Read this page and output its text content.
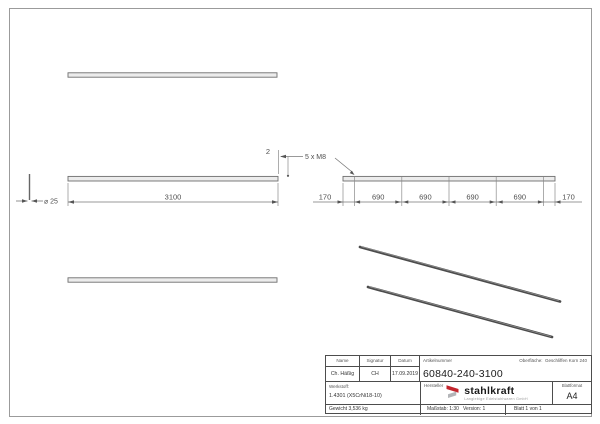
3100
⌀ 25
2
5 x M8
170	690	690	690	690	170
Name
Ch. Häßig
Signatur
CH
Datum
17.09.2019
Artikelnummer	Oberfläche: Geschliffen Korn 240
60840-240-3100
Werkstoff:
1.4301 (X5CrNi18-10)
Hersteller stahlkraft
Langlebige Edelstahlwaren GmbH
Blattformat
A4
Gewicht 3,536 kg	Maßstab: 1:30 Version: 1	Blatt 1 von 1
